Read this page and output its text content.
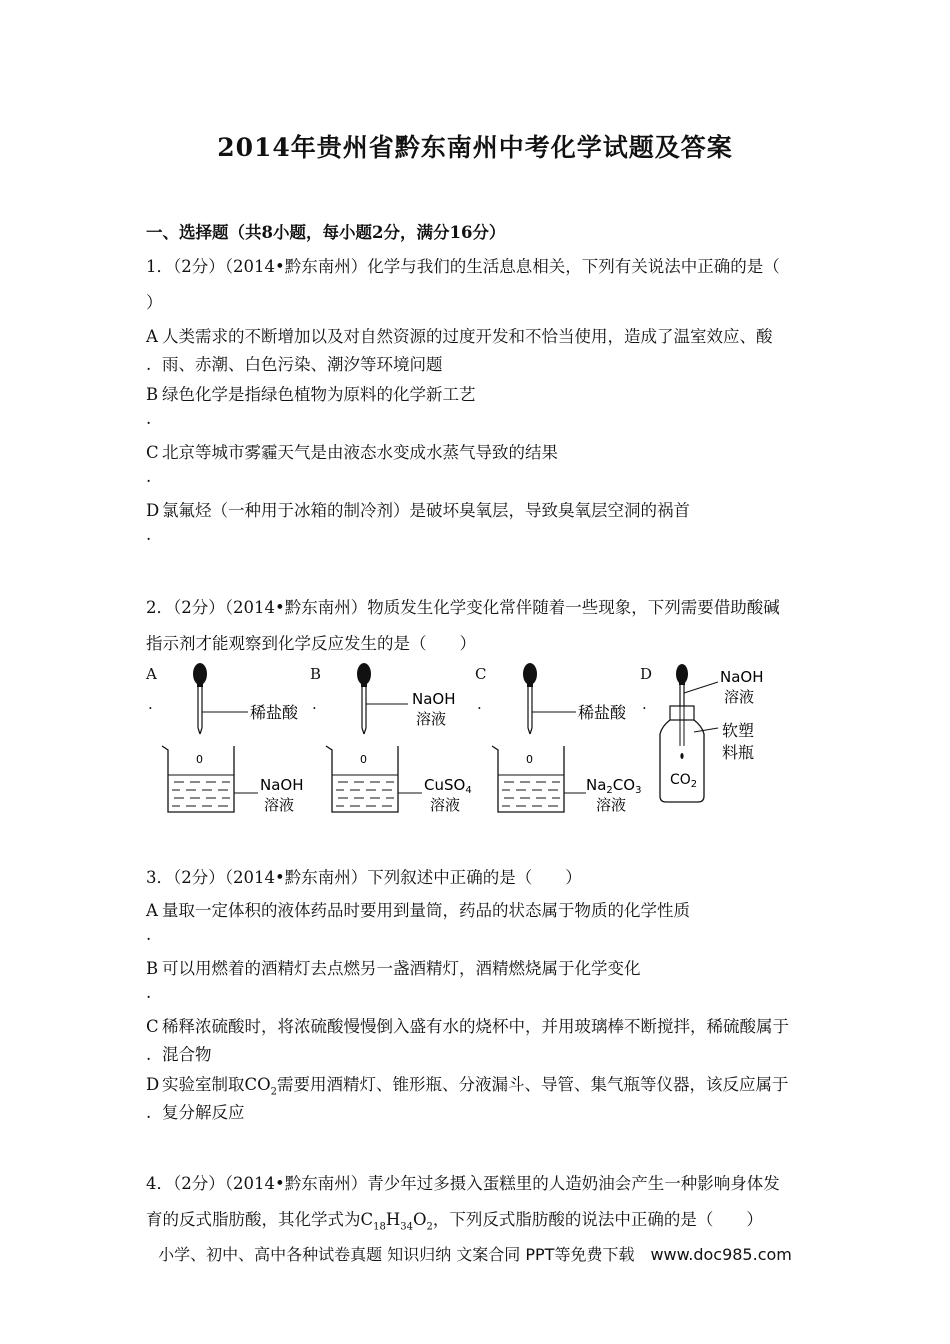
2014年贵州省黔东南州中考化学试题及答案
一、选择题（共8小题，每小题2分，满分16分）
1．（2分）（2014•黔东南州）化学与我们的生活息息相关，下列有关说法中正确的是（
）
A 人类需求的不断增加以及对自然资源的过度开发和不恰当使用，造成了温室效应、酸
. 雨、赤潮、白色污染、潮汐等环境问题
B 绿色化学是指绿色植物为原料的化学新工艺
.
C 北京等城市雾霾天气是由液态水变成水蒸气导致的结果
.
D 氯氟烃（一种用于冰箱的制冷剂）是破坏臭氧层，导致臭氧层空洞的祸首
.
2．（2分）（2014•黔东南州）物质发生化学变化常伴随着一些现象，下列需要借助酸碱
指示剂才能观察到化学反应发生的是（　　）
A
.
B
.
C
.
D
.
稀盐酸
0
NaOH
溶液
NaOH
溶液
0
CuSO$_4$
溶液
稀盐酸
0
$Na_2CO_3$
溶液
NaOH
溶液
软塑
料瓶
$CO_2$
3．（2分）（2014•黔东南州）下列叙述中正确的是（　　）
A 量取一定体积的液体药品时要用到量筒，药品的状态属于物质的化学性质
.
B 可以用燃着的酒精灯去点燃另一盏酒精灯，酒精燃烧属于化学变化
.
C 稀释浓硫酸时，将浓硫酸慢慢倒入盛有水的烧杯中，并用玻璃棒不断搅拌，稀硫酸属于
. 混合物
D 实验室制取$CO_2$需要用酒精灯、锥形瓶、分液漏斗、导管、集气瓶等仪器，该反应属于
. 复分解反应
4．（2分）（2014•黔东南州）青少年过多摄入蛋糕里的人造奶油会产生一种影响身体发
育的反式脂肪酸，其化学式为$C_{18}H_{34}O_2$，下列反式脂肪酸的说法中正确的是（　　）
小学、初中、高中各种试卷真题 知识归纳 文案合同 PPT等免费下载　www.doc985.com
